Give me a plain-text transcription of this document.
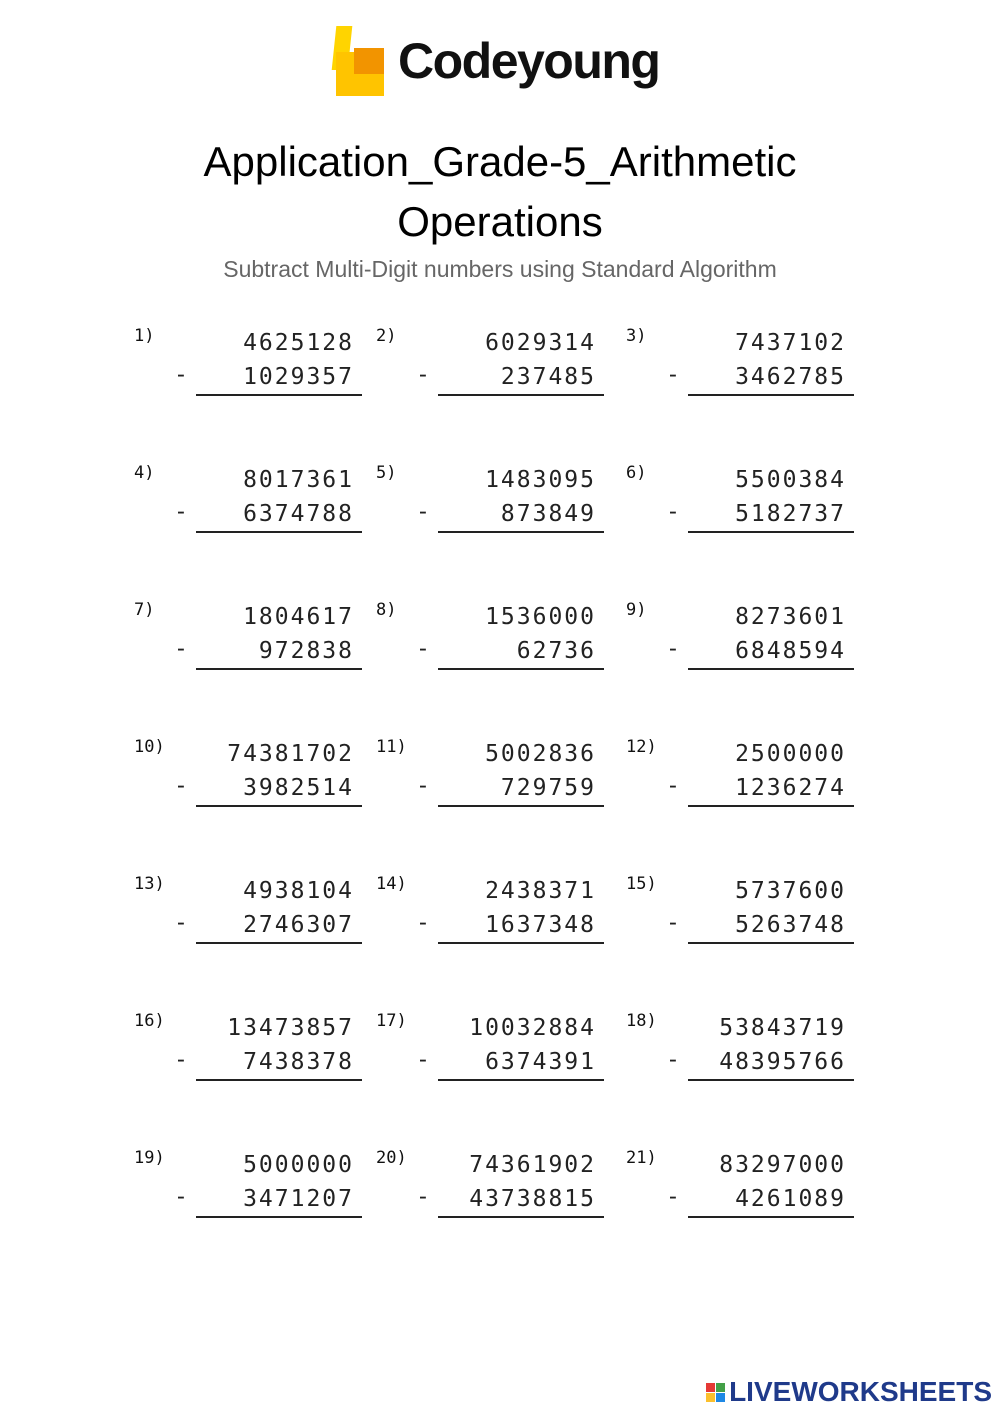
Codeyoung
Application_Grade-5_Arithmetic
Operations
Subtract Multi-Digit numbers using Standard Algorithm
1)	4625128
- 1029357
2)	6029314
-	237485
3)	7437102
- 3462785
4)	8017361
- 6374788
5)	1483095
-	873849
6)	5500384
- 5182737
7)	1804617
-	972838
8)	1536000
-	62736
9)	8273601
- 6848594
10)	74381702
- 3982514
11)	5002836
-	729759
12)	2500000
- 1236274
13)	4938104
- 2746307
14)	2438371
- 1637348
15)	5737600
- 5263748
16)	13473857
- 7438378
17)	10032884
- 6374391
18)	53843719
- 48395766
19)	5000000
- 3471207
20)	74361902
- 43738815
21)	83297000
- 4261089
LIVEWORKSHEETS
